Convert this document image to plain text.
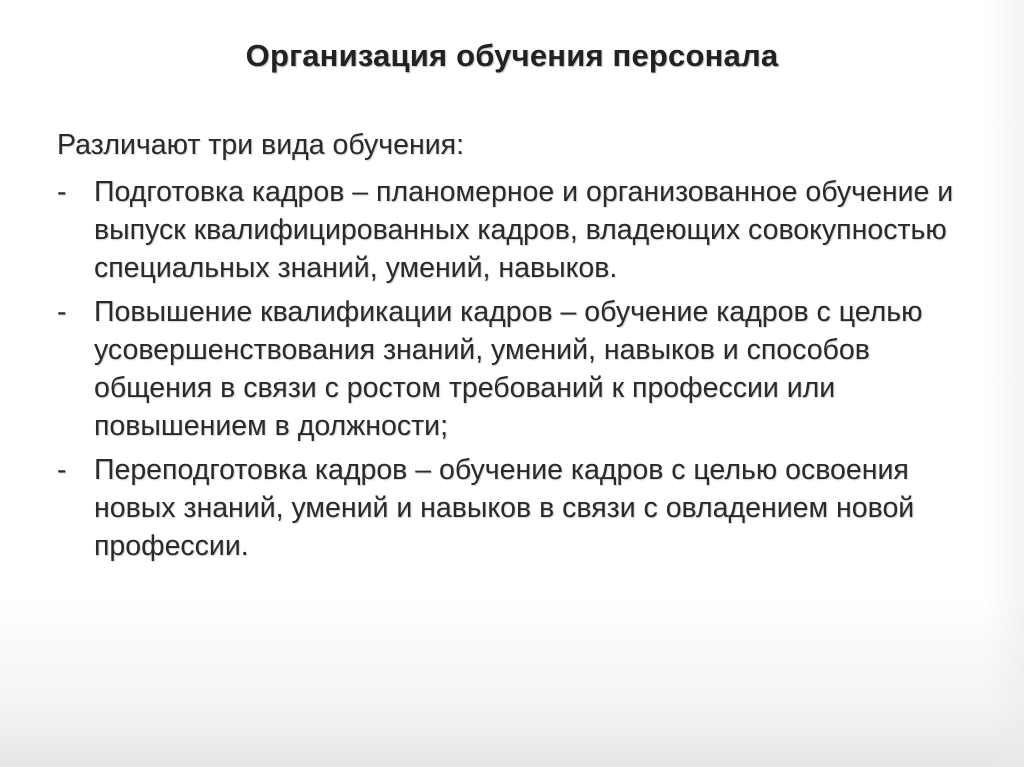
Организация обучения персонала

Различают три вида обучения:

- Подготовка кадров – планомерное и организованное обучение и выпуск квалифицированных кадров, владеющих совокупностью специальных знаний, умений, навыков.
- Повышение квалификации кадров – обучение кадров с целью усовершенствования знаний, умений, навыков и способов общения в связи с ростом требований к профессии или повышением в должности;
- Переподготовка кадров – обучение кадров с целью освоения новых знаний, умений и навыков в связи с овладением новой профессии.
